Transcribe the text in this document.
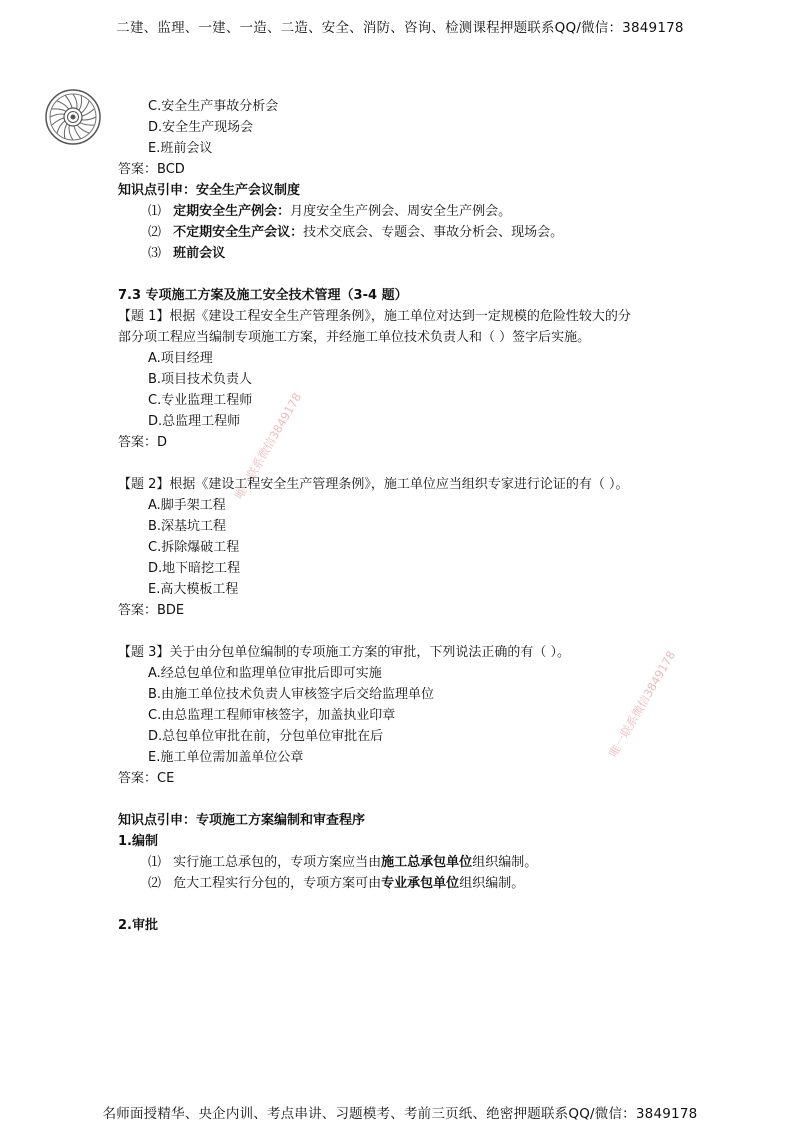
二建、监理、一建、一造、二造、安全、消防、咨询、检测课程押题联系QQ/微信：3849178
唯一联系微信3849178
唯一联系微信3849178
C.安全生产事故分析会
D.安全生产现场会
E.班前会议
答案：BCD
知识点引申：安全生产会议制度
⑴ 定期安全生产例会：月度安全生产例会、周安全生产例会。
⑵ 不定期安全生产会议：技术交底会、专题会、事故分析会、现场会。
⑶ 班前会议
7.3 专项施工方案及施工安全技术管理（3-4 题）
【题 1】根据《建设工程安全生产管理条例》，施工单位对达到一定规模的危险性较大的分
部分项工程应当编制专项施工方案，并经施工单位技术负责人和（ ）签字后实施。
A.项目经理
B.项目技术负责人
C.专业监理工程师
D.总监理工程师
答案：D
【题 2】根据《建设工程安全生产管理条例》，施工单位应当组织专家进行论证的有（ ）。
A.脚手架工程
B.深基坑工程
C.拆除爆破工程
D.地下暗挖工程
E.高大模板工程
答案：BDE
【题 3】关于由分包单位编制的专项施工方案的审批，下列说法正确的有（ ）。
A.经总包单位和监理单位审批后即可实施
B.由施工单位技术负责人审核签字后交给监理单位
C.由总监理工程师审核签字，加盖执业印章
D.总包单位审批在前，分包单位审批在后
E.施工单位需加盖单位公章
答案：CE
知识点引申：专项施工方案编制和审查程序
1.编制
⑴ 实行施工总承包的，专项方案应当由施工总承包单位组织编制。
⑵ 危大工程实行分包的，专项方案可由专业承包单位组织编制。
2.审批
名师面授精华、央企内训、考点串讲、习题模考、考前三页纸、绝密押题联系QQ/微信：3849178
